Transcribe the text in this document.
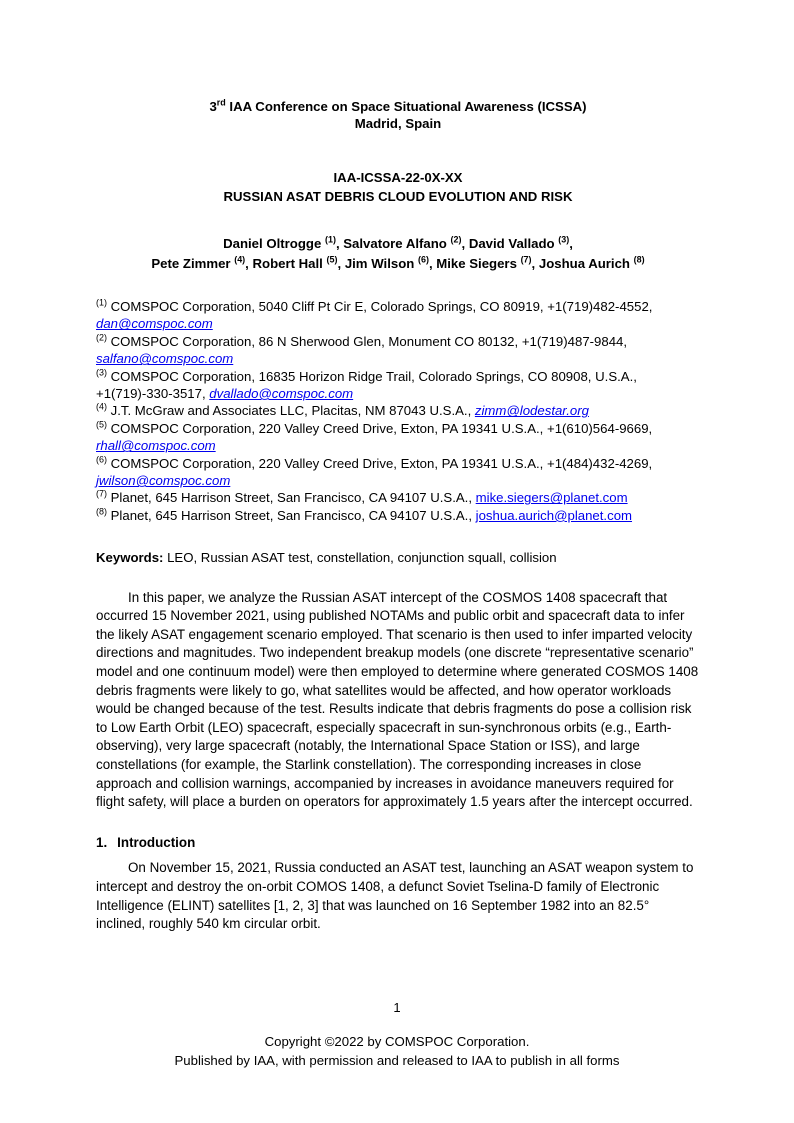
3rd IAA Conference on Space Situational Awareness (ICSSA)
Madrid, Spain
IAA-ICSSA-22-0X-XX
RUSSIAN ASAT DEBRIS CLOUD EVOLUTION AND RISK
Daniel Oltrogge $^{(1)}$, Salvatore Alfano $^{(2)}$, David Vallado $^{(3)}$,
Pete Zimmer $^{(4)}$, Robert Hall $^{(5)}$, Jim Wilson $^{(6)}$, Mike Siegers $^{(7)}$, Joshua Aurich $^{(8)}$
$^{(1)}$ COMSPOC Corporation, 5040 Cliff Pt Cir E, Colorado Springs, CO 80919, +1(719)482-4552, dan@comspoc.com
$^{(2)}$ COMSPOC Corporation, 86 N Sherwood Glen, Monument CO 80132, +1(719)487-9844, salfano@comspoc.com
$^{(3)}$ COMSPOC Corporation, 16835 Horizon Ridge Trail, Colorado Springs, CO 80908, U.S.A., +1(719)-330-3517, dvallado@comspoc.com
$^{(4)}$ J.T. McGraw and Associates LLC, Placitas, NM 87043 U.S.A., zimm@lodestar.org
$^{(5)}$ COMSPOC Corporation, 220 Valley Creed Drive, Exton, PA 19341 U.S.A., +1(610)564-9669, rhall@comspoc.com
$^{(6)}$ COMSPOC Corporation, 220 Valley Creed Drive, Exton, PA 19341 U.S.A., +1(484)432-4269, jwilson@comspoc.com
$^{(7)}$ Planet, 645 Harrison Street, San Francisco, CA 94107 U.S.A., mike.siegers@planet.com
$^{(8)}$ Planet, 645 Harrison Street, San Francisco, CA 94107 U.S.A., joshua.aurich@planet.com
Keywords: LEO, Russian ASAT test, constellation, conjunction squall, collision
In this paper, we analyze the Russian ASAT intercept of the COSMOS 1408 spacecraft that occurred 15 November 2021, using published NOTAMs and public orbit and spacecraft data to infer the likely ASAT engagement scenario employed. That scenario is then used to infer imparted velocity directions and magnitudes. Two independent breakup models (one discrete “representative scenario” model and one continuum model) were then employed to determine where generated COSMOS 1408 debris fragments were likely to go, what satellites would be affected, and how operator workloads would be changed because of the test. Results indicate that debris fragments do pose a collision risk to Low Earth Orbit (LEO) spacecraft, especially spacecraft in sun-synchronous orbits (e.g., Earth-observing), very large spacecraft (notably, the International Space Station or ISS), and large constellations (for example, the Starlink constellation). The corresponding increases in close approach and collision warnings, accompanied by increases in avoidance maneuvers required for flight safety, will place a burden on operators for approximately 1.5 years after the intercept occurred.
1. Introduction
On November 15, 2021, Russia conducted an ASAT test, launching an ASAT weapon system to intercept and destroy the on-orbit COMOS 1408, a defunct Soviet Tselina-D family of Electronic Intelligence (ELINT) satellites [1, 2, 3] that was launched on 16 September 1982 into an 82.5° inclined, roughly 540 km circular orbit.
1
Copyright ©2022 by COMSPOC Corporation.
Published by IAA, with permission and released to IAA to publish in all forms
